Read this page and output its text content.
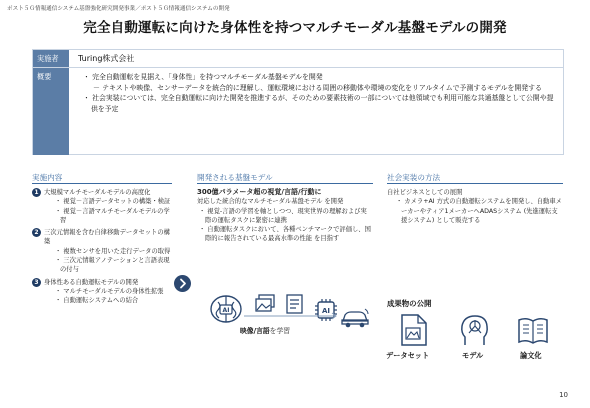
ポスト５Ｇ情報通信システム基盤強化研究開発事業／ポスト５Ｇ情報通信システムの開発
完全自動運転に向けた身体性を持つマルチモーダル基盤モデルの開発
実施者	Turing株式会社
概要	・ 完全自動運転を見据え、「身体性」を持つマルチモーダル基盤モデルを開発
－ テキストや映像、センサーデータを統合的に理解し、運転環境における周囲の移動体や環境の変化をリアルタイムで予測するモデルを開発する
・ 社会実装については、完全自動運転に向けた開発を推進するが、そのための要素技術の一部については他領域でも利用可能な共通基盤として公開や提供を予定
実施内容	開発される基盤モデル	社会実装の方法
1 大規模マルチモーダルモデルの高度化
・ 視覚－言語データセットの構築・検証
・ 視覚－言語マルチモーダルモデルの学習
2 三次元情報を含む自律移動データセットの構築
・ 複数センサを用いた走行データの取得
・ 三次元情報アノテーションと言語表現の付与
3 身体性ある自動運転モデルの開発
・ マルチモーダルモデルの身体性拡張
・ 自動運転システムへの結合
300億パラメータ超の視覚/言語/行動に
対応した統合的なマルチモーダル基盤モデル を開発
・ 視覚-言語の学習を軸としつつ、現実世界の理解および実際の運転タスクに緊密に連携
・ 自動運転タスクにおいて、各種ベンチマークで評価し、国際的に報告されている最高水準の性能 を目指す
AI	AI
映像/言語を学習
自社ビジネスとしての展開
・ カメラ+AI 方式の自動運転システムを開発し、自動車メーカーやティア1メーカーへADASシステム (先進運転支援システム) として販売する
成果物の公開
データセット	モデル	論文化
10
